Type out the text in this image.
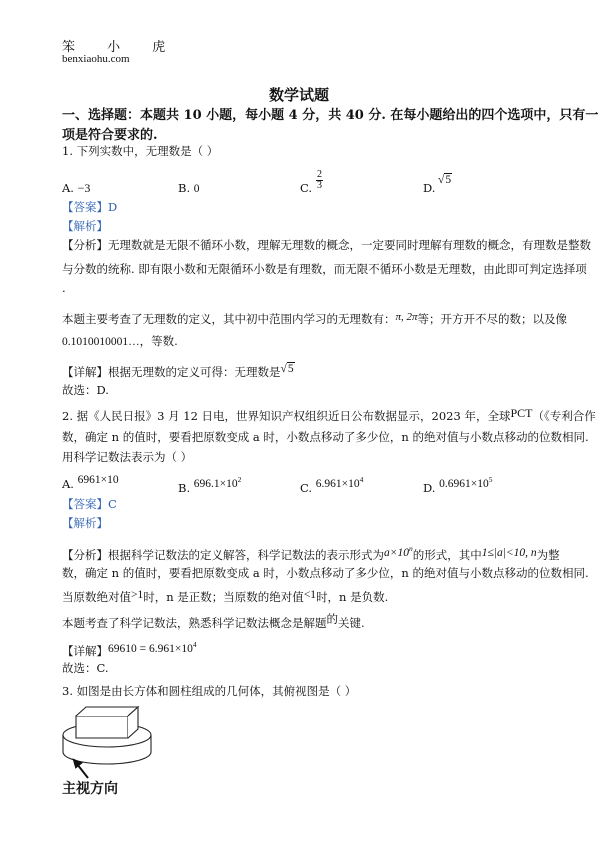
笨 小 虎
benxiaohu.com
数学试题
一、选择题：本题共 10 小题，每小题 4 分，共 40 分. 在每小题给出的四个选项中，只有一
项是符合要求的.
1. 下列实数中，无理数是（ ）
A. −3	B. 0	C. $\frac{2}{3}$	D.
√5
【答案】D
【解析】
【分析】无理数就是无限不循环小数，理解无理数的概念，一定要同时理解有理数的概念，有理数是整数
与分数的统称. 即有限小数和无限循环小数是有理数，而无限不循环小数是无理数，由此即可判定选择项
.
本题主要考查了无理数的定义，其中初中范围内学习的无理数有：π, 2π等；开方开不尽的数；以及像
0.1010010001…，等数.
【详解】根据无理数的定义可得：无理数是√5
故选：D.
2. 据《人民日报》3 月 12 日电，世界知识产权组织近日公布数据显示，2023 年，全球PCT（《专利合作
数，确定 n 的值时，要看把原数变成 a 时，小数点移动了多少位，n 的绝对值与小数点移动的位数相同.
用科学记数法表示为（ ）
A. 6961×10
B. $696.1\times 10^2$
C. $6.961\times 10^4$
D. $0.6961\times 10^5$
【答案】C
【解析】
【分析】根据科学记数法的定义解答，科学记数法的表示形式为$a\times 10^n$的形式，其中1≤|a|<10, n为整
数，确定 n 的值时，要看把原数变成 a 时，小数点移动了多少位，n 的绝对值与小数点移动的位数相同.
当原数绝对值>1时，n 是正数；当原数的绝对值<1时，n 是负数.
本题考查了科学记数法，熟悉科学记数法概念是解题的关键.
【详解】$69610 = 6.961\times 10^4$
故选：C.
3. 如图是由长方体和圆柱组成的几何体，其俯视图是（ ）
主视方向
